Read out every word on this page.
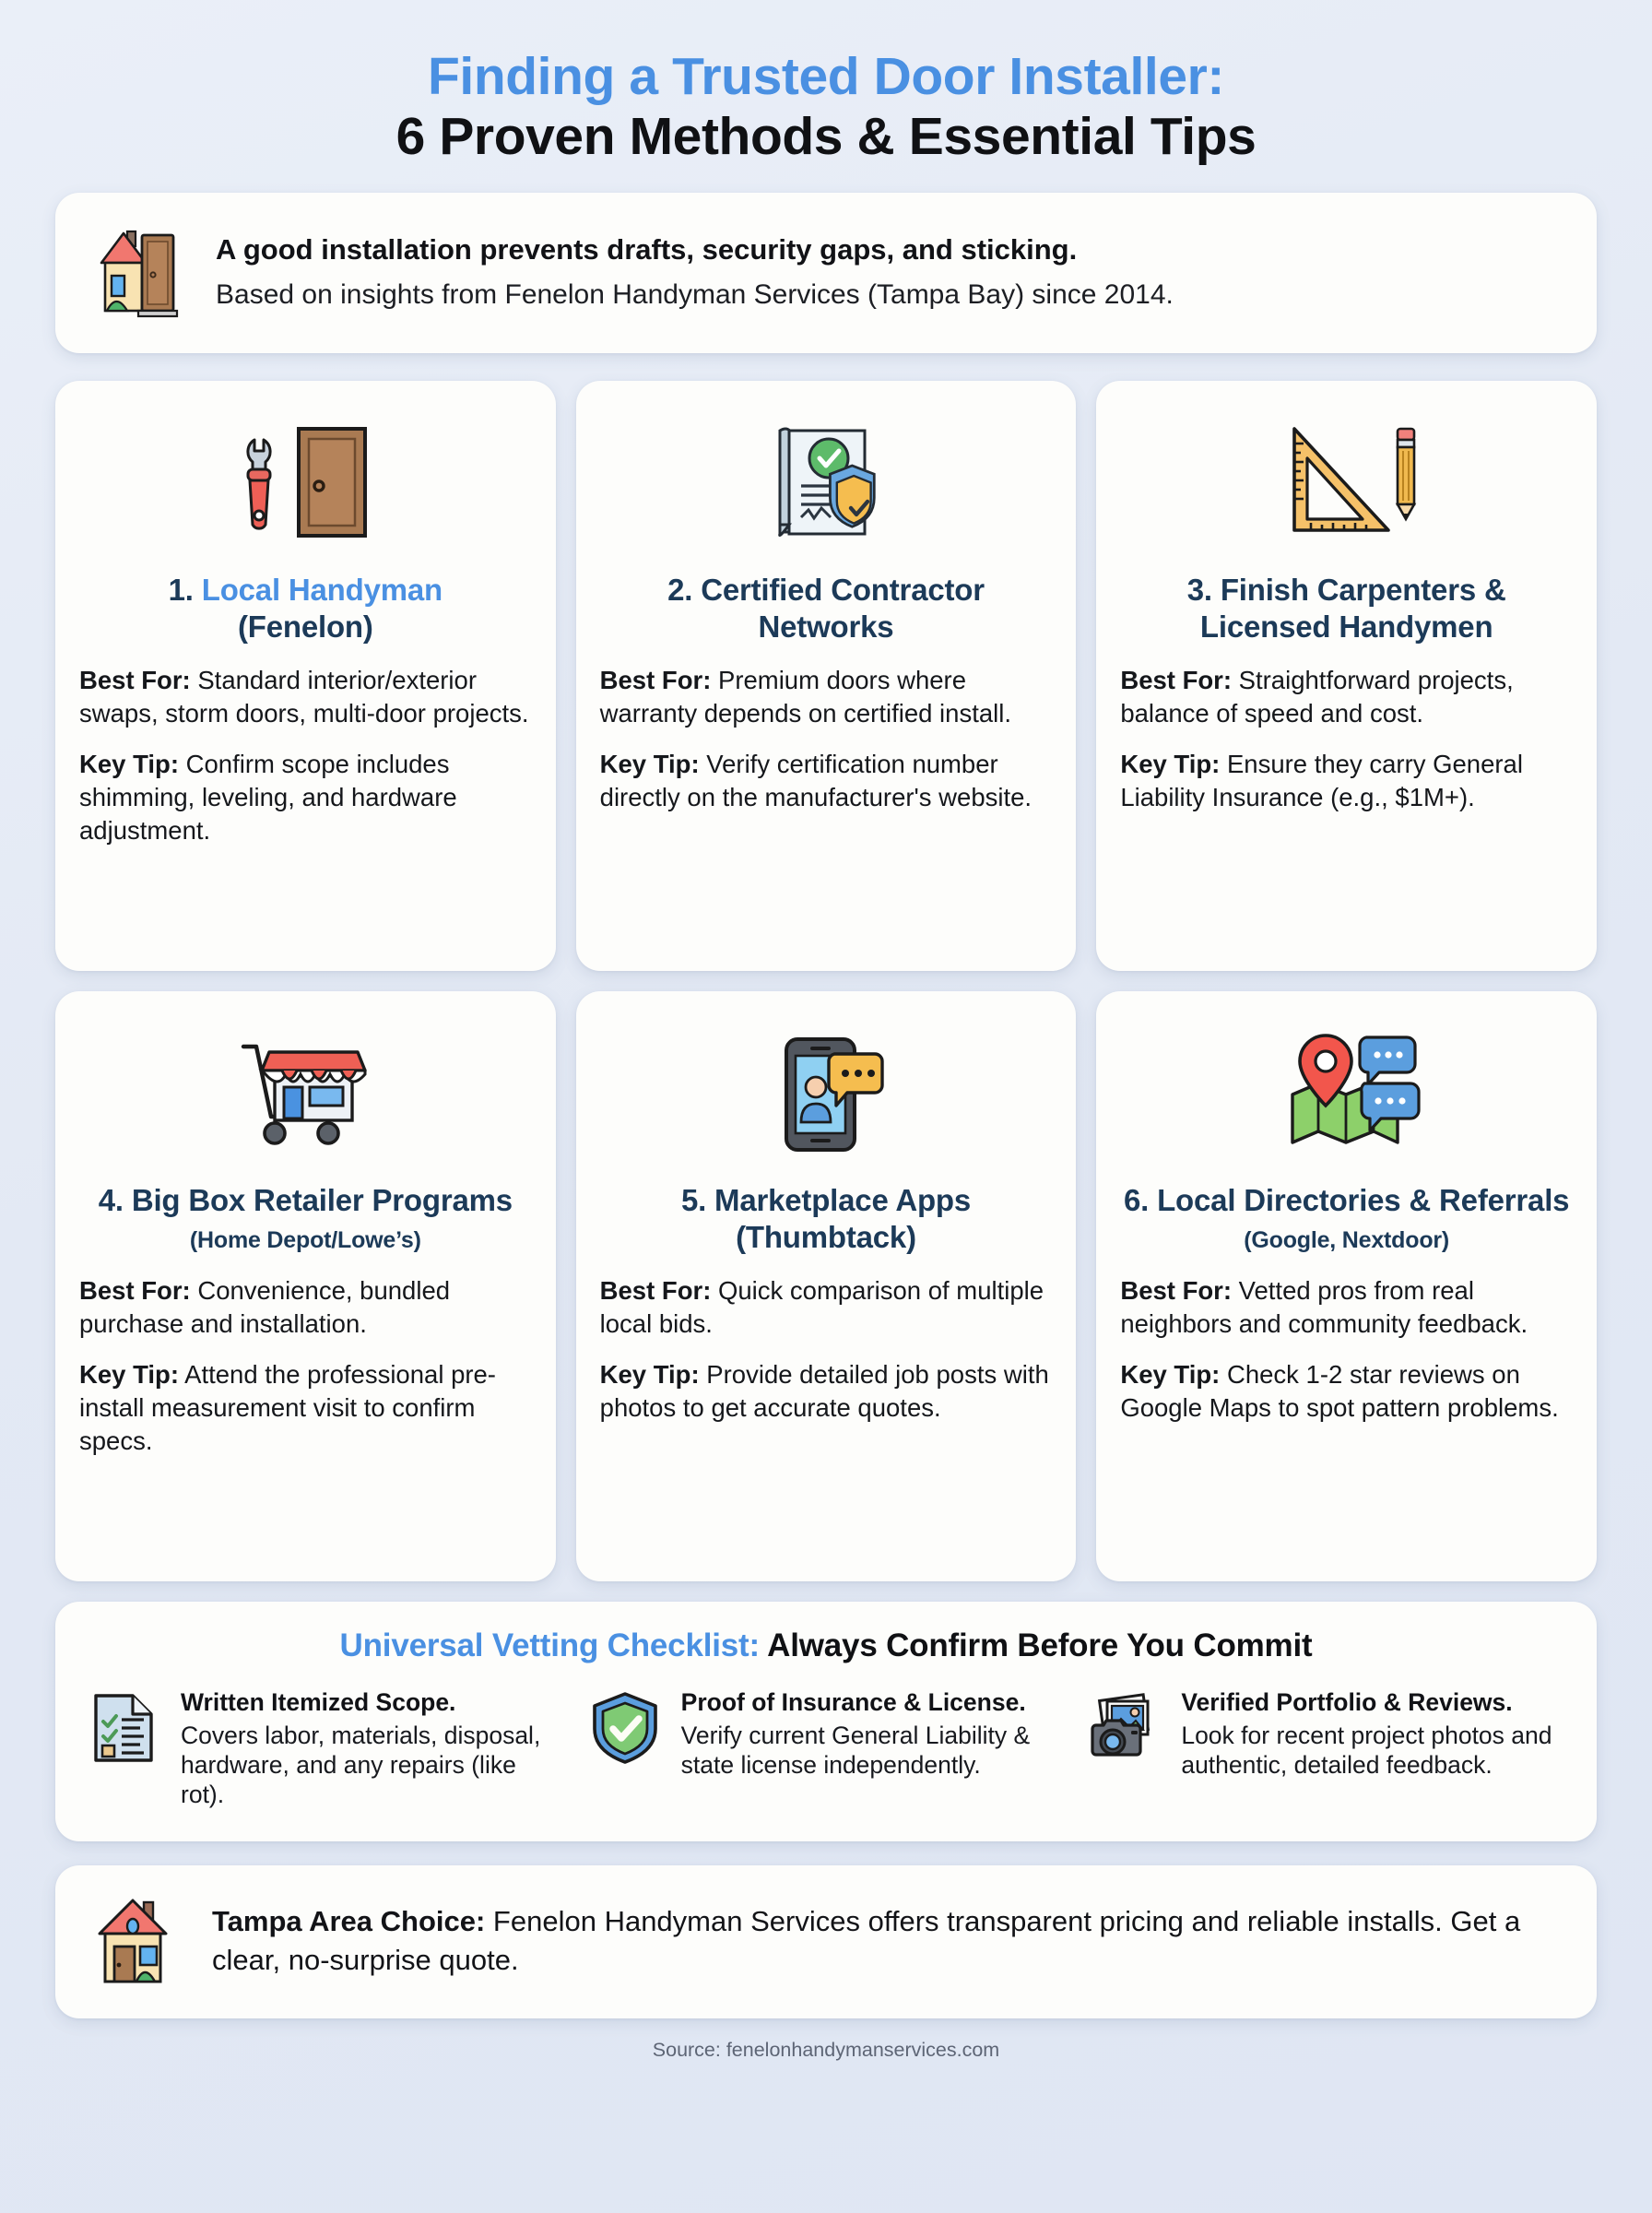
Finding a Trusted Door Installer:
6 Proven Methods & Essential Tips
A good installation prevents drafts, security gaps, and sticking.
Based on insights from Fenelon Handyman Services (Tampa Bay) since 2014.
1. Local Handyman
(Fenelon)

Best For: Standard interior/exterior swaps, storm doors, multi-door projects.

Key Tip: Confirm scope includes shimming, leveling, and hardware adjustment.

2. Certified Contractor Networks

Best For: Premium doors where warranty depends on certified install.

Key Tip: Verify certification number directly on the manufacturer's website.

3. Finish Carpenters & Licensed Handymen

Best For: Straightforward projects, balance of speed and cost.

Key Tip: Ensure they carry General Liability Insurance (e.g., $1M+).

4. Big Box Retailer Programs (Home Depot/Lowe’s)

Best For: Convenience, bundled purchase and installation.

Key Tip: Attend the professional pre-install measurement visit to confirm specs.

5. Marketplace Apps
(Thumbtack)

Best For: Quick comparison of multiple local bids.

Key Tip: Provide detailed job posts with photos to get accurate quotes.

6. Local Directories & Referrals (Google, Nextdoor)

Best For: Vetted pros from real neighbors and community feedback.

Key Tip: Check 1-2 star reviews on Google Maps to spot pattern problems.

Universal Vetting Checklist: Always Confirm Before You Commit
Written Itemized Scope.
Covers labor, materials, disposal, hardware, and any repairs (like rot).
Proof of Insurance & License.
Verify current General Liability & state license independently.
Verified Portfolio & Reviews.
Look for recent project photos and authentic, detailed feedback.
Tampa Area Choice: Fenelon Handyman Services offers transparent pricing and reliable installs. Get a clear, no-surprise quote.
Source: fenelonhandymanservices.com
